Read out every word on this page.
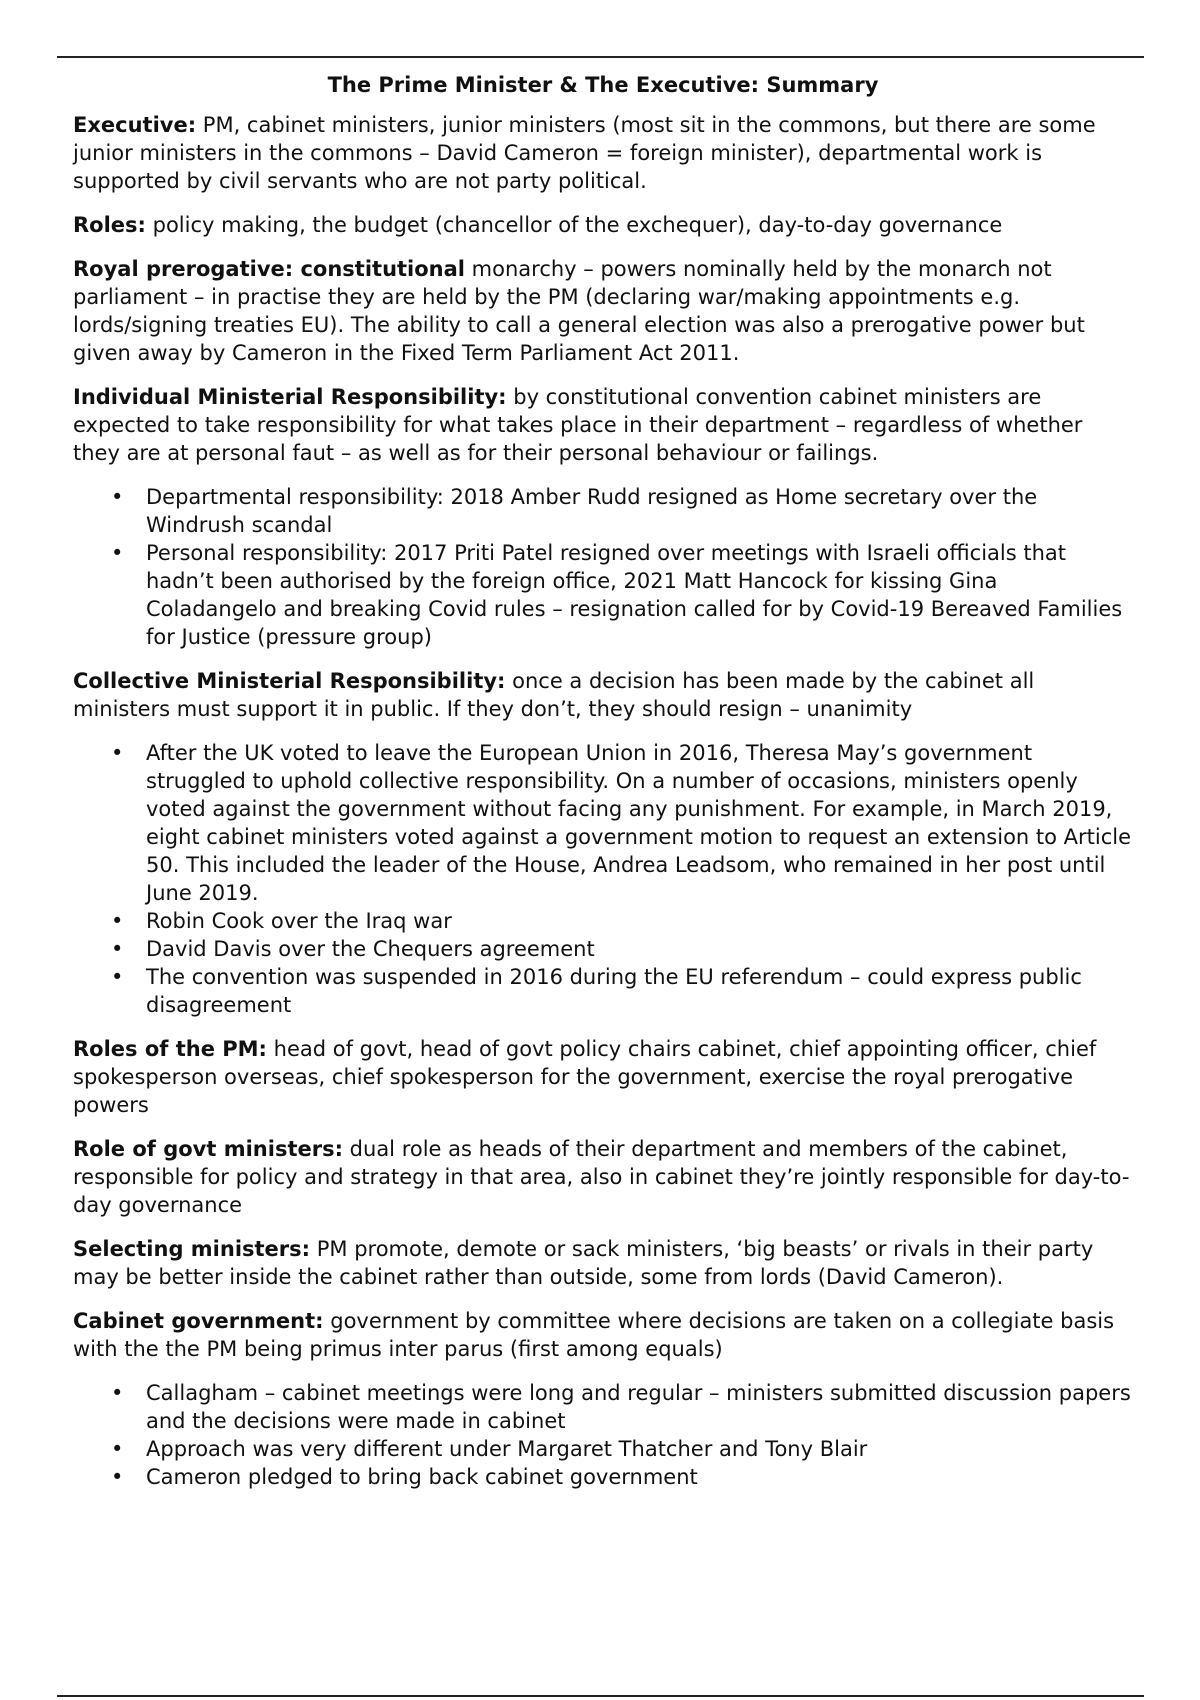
The Prime Minister & The Executive: Summary
Executive: PM, cabinet ministers, junior ministers (most sit in the commons, but there are some junior ministers in the commons – David Cameron = foreign minister), departmental work is supported by civil servants who are not party political.
Roles: policy making, the budget (chancellor of the exchequer), day-to-day governance
Royal prerogative: constitutional monarchy – powers nominally held by the monarch not parliament – in practise they are held by the PM (declaring war/making appointments e.g. lords/signing treaties EU). The ability to call a general election was also a prerogative power but given away by Cameron in the Fixed Term Parliament Act 2011.
Individual Ministerial Responsibility: by constitutional convention cabinet ministers are expected to take responsibility for what takes place in their department – regardless of whether they are at personal faut – as well as for their personal behaviour or failings.
• Departmental responsibility: 2018 Amber Rudd resigned as Home secretary over the Windrush scandal
• Personal responsibility: 2017 Priti Patel resigned over meetings with Israeli officials that hadn’t been authorised by the foreign office, 2021 Matt Hancock for kissing Gina Coladangelo and breaking Covid rules – resignation called for by Covid-19 Bereaved Families for Justice (pressure group)
Collective Ministerial Responsibility: once a decision has been made by the cabinet all ministers must support it in public. If they don’t, they should resign – unanimity
• After the UK voted to leave the European Union in 2016, Theresa May’s government struggled to uphold collective responsibility. On a number of occasions, ministers openly voted against the government without facing any punishment. For example, in March 2019, eight cabinet ministers voted against a government motion to request an extension to Article 50. This included the leader of the House, Andrea Leadsom, who remained in her post until June 2019.
• Robin Cook over the Iraq war
• David Davis over the Chequers agreement
• The convention was suspended in 2016 during the EU referendum – could express public disagreement
Roles of the PM: head of govt, head of govt policy chairs cabinet, chief appointing officer, chief spokesperson overseas, chief spokesperson for the government, exercise the royal prerogative powers
Role of govt ministers: dual role as heads of their department and members of the cabinet, responsible for policy and strategy in that area, also in cabinet they’re jointly responsible for day-to-day governance
Selecting ministers: PM promote, demote or sack ministers, ‘big beasts’ or rivals in their party may be better inside the cabinet rather than outside, some from lords (David Cameron).
Cabinet government: government by committee where decisions are taken on a collegiate basis with the the PM being primus inter parus (first among equals)
• Callagham – cabinet meetings were long and regular – ministers submitted discussion papers and the decisions were made in cabinet
• Approach was very different under Margaret Thatcher and Tony Blair
• Cameron pledged to bring back cabinet government
